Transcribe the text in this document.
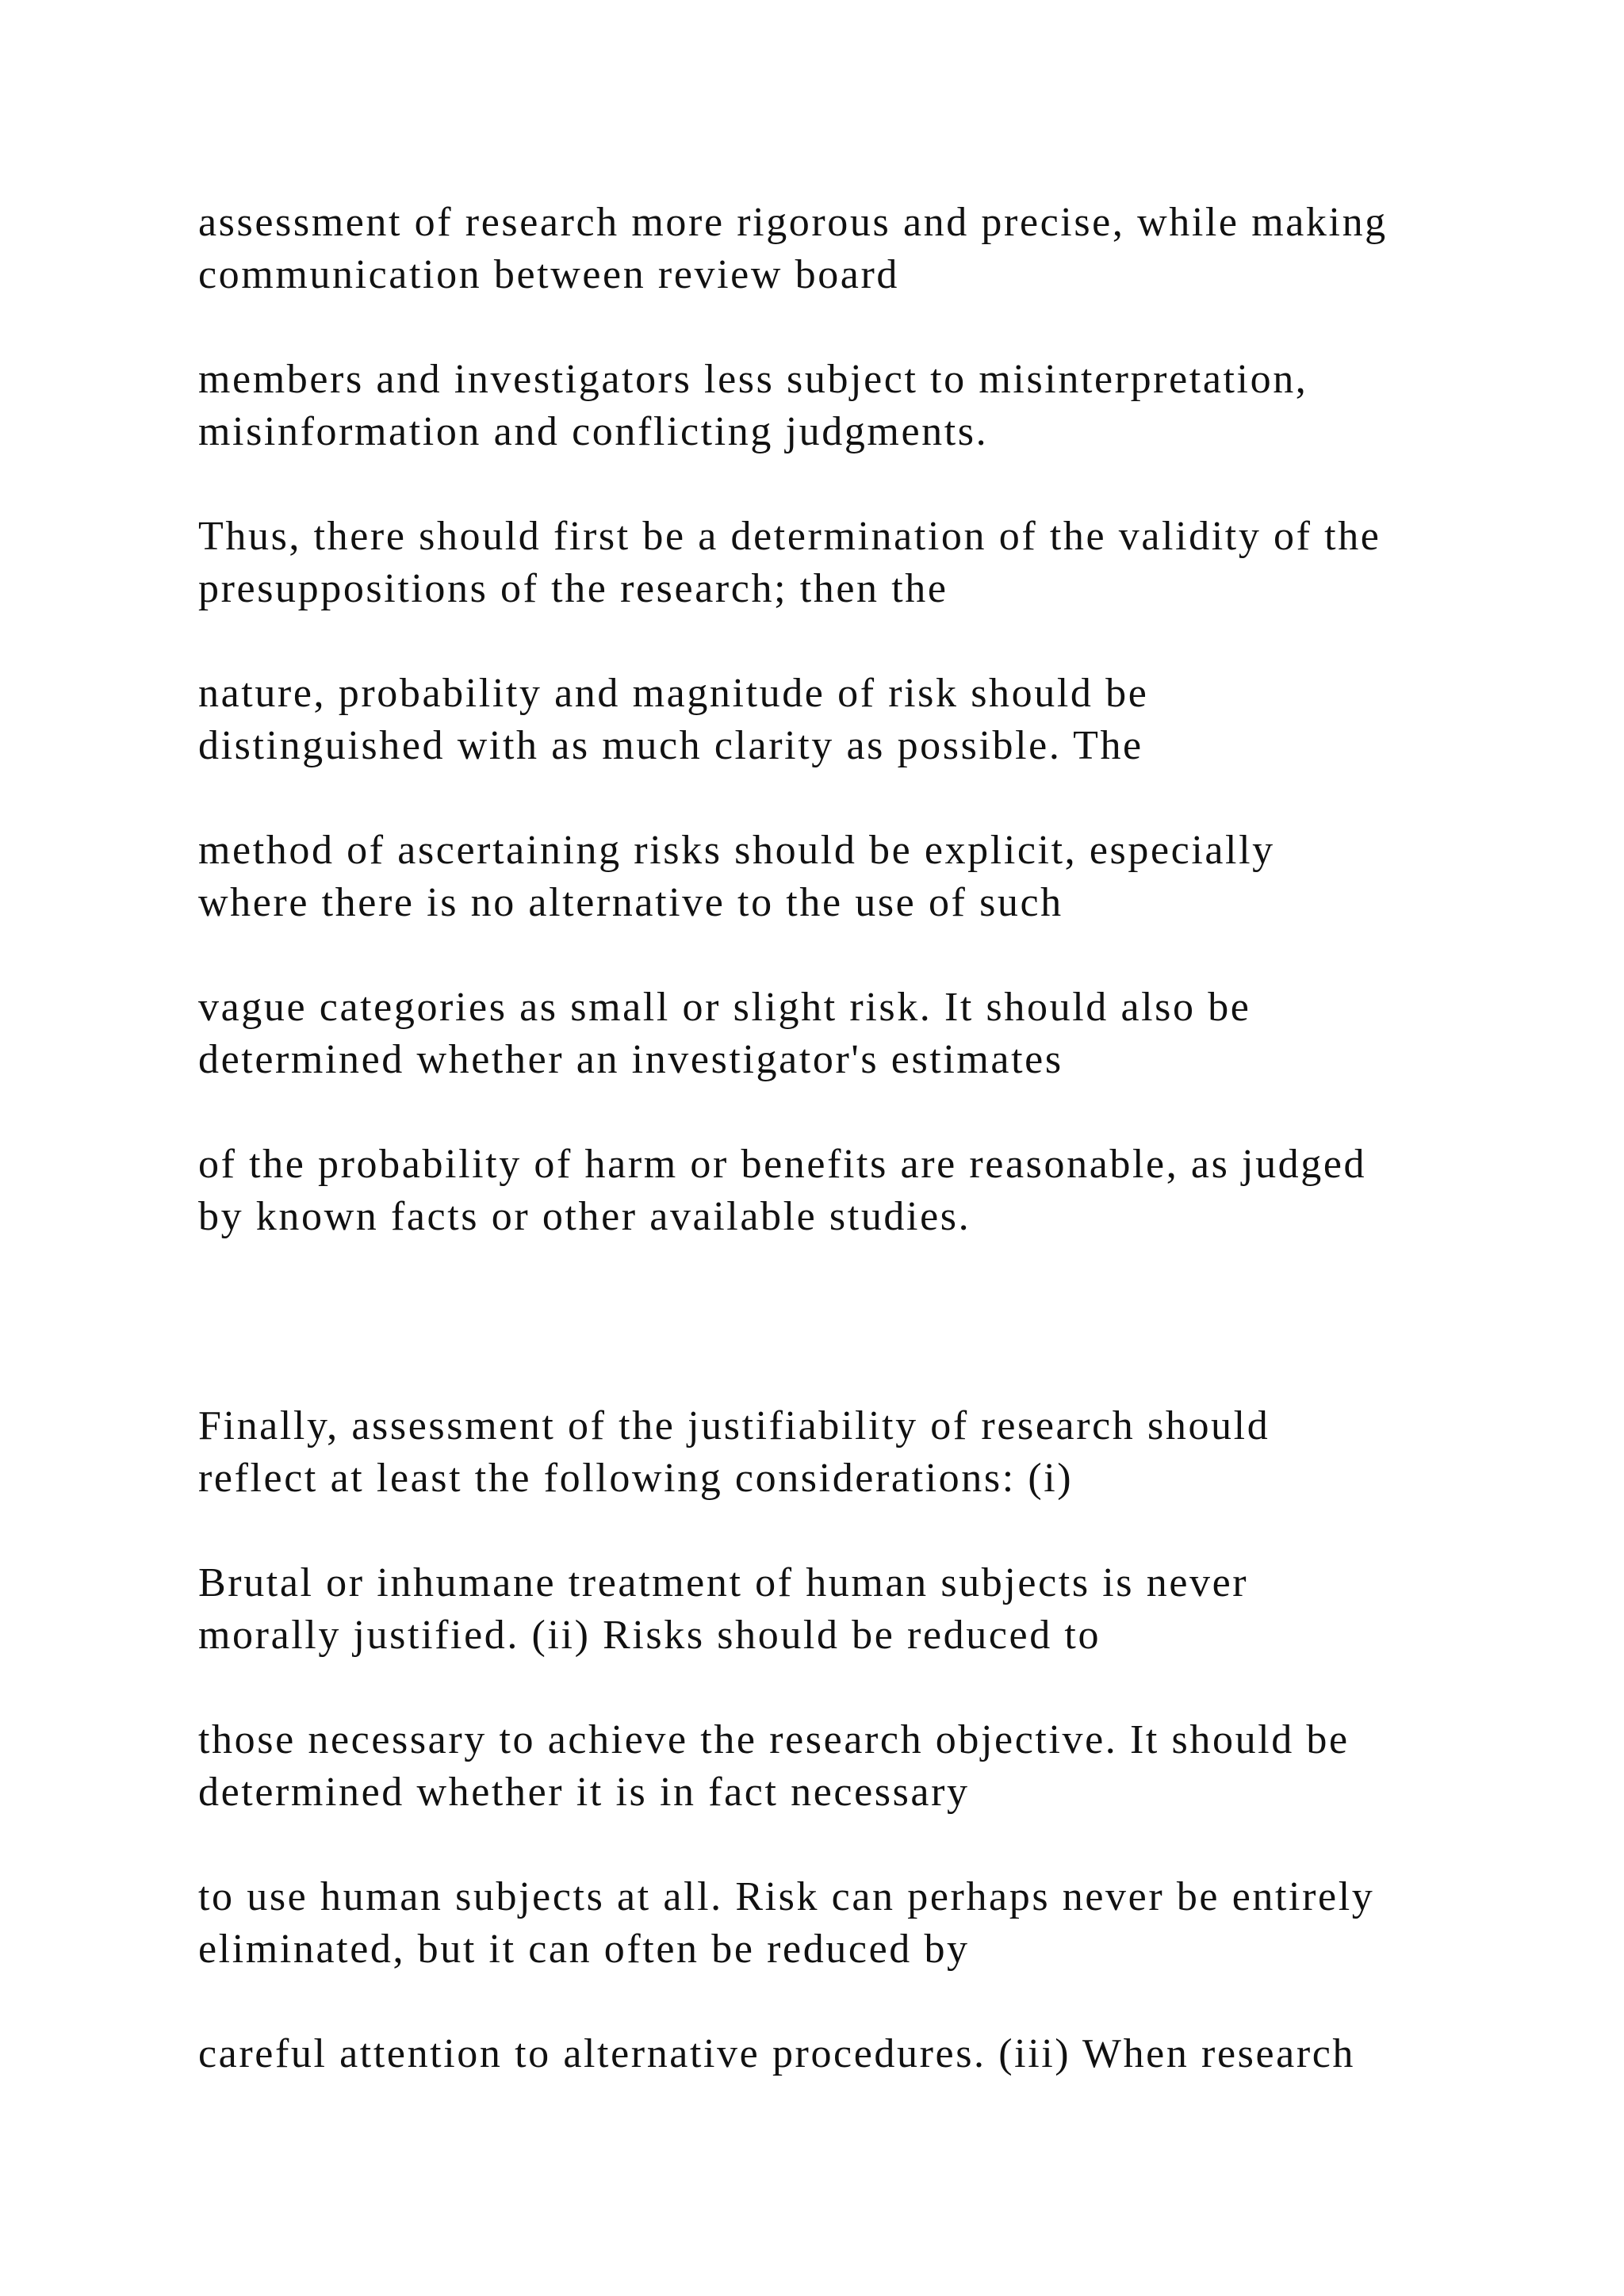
assessment of research more rigorous and precise, while making
communication between review board

members and investigators less subject to misinterpretation,
misinformation and conflicting judgments.

Thus, there should first be a determination of the validity of the
presuppositions of the research; then the

nature, probability and magnitude of risk should be
distinguished with as much clarity as possible. The

method of ascertaining risks should be explicit, especially
where there is no alternative to the use of such

vague categories as small or slight risk. It should also be
determined whether an investigator's estimates

of the probability of harm or benefits are reasonable, as judged
by known facts or other available studies.

Finally, assessment of the justifiability of research should
reflect at least the following considerations: (i)

Brutal or inhumane treatment of human subjects is never
morally justified. (ii) Risks should be reduced to

those necessary to achieve the research objective. It should be
determined whether it is in fact necessary

to use human subjects at all. Risk can perhaps never be entirely
eliminated, but it can often be reduced by

careful attention to alternative procedures. (iii) When research
